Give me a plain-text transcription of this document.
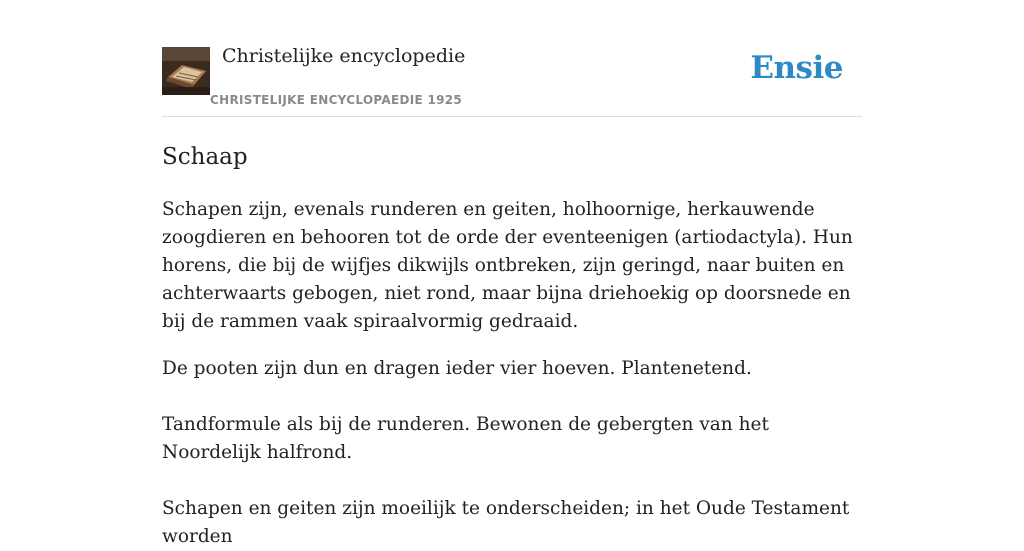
Christelijke encyclopedie
CHRISTELIJKE ENCYCLOPAEDIE 1925
Ensie
Schaap

Schapen zijn, evenals runderen en geiten, holhoornige, herkauwende zoogdieren en behooren tot de orde der eventeenigen (artiodactyla). Hun horens, die bij de wijfjes dikwijls ontbreken, zijn geringd, naar buiten en achterwaarts gebogen, niet rond, maar bijna driehoekig op doorsnede en bij de rammen vaak spiraalvormig gedraaid.

De pooten zijn dun en dragen ieder vier hoeven. Plantenetend.

Tandformule als bij de runderen. Bewonen de gebergten van het Noordelijk halfrond.

Schapen en geiten zijn moeilijk te onderscheiden; in het Oude Testament worden
